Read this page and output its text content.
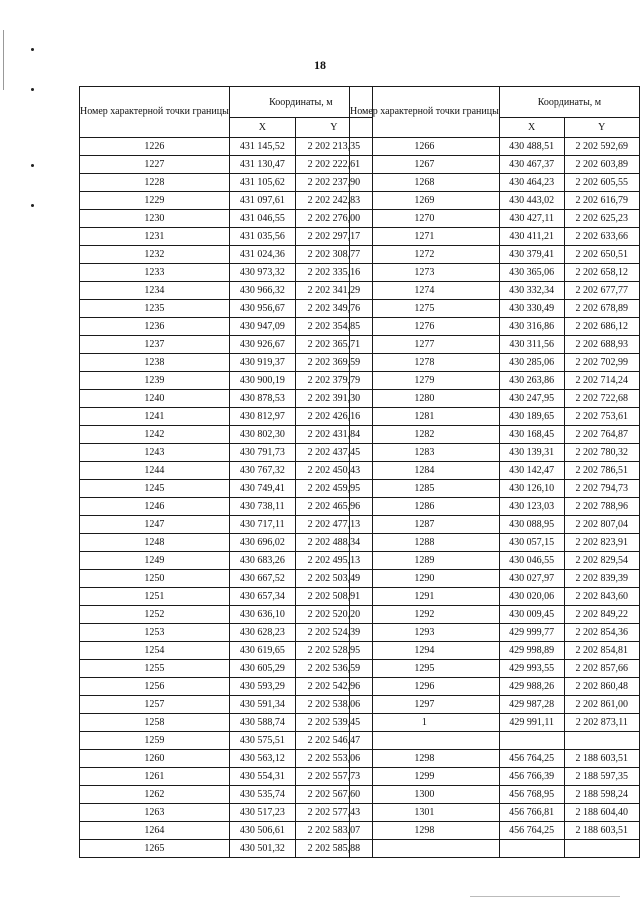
18
Номер характерной точки границы	Координаты, м	
	X	Y
1226	431 145,52	2 202 213,35
1227	431 130,47	2 202 222,61
1228	431 105,62	2 202 237,90
1229	431 097,61	2 202 242,83
1230	431 046,55	2 202 276,00
1231	431 035,56	2 202 297,17
1232	431 024,36	2 202 308,77
1233	430 973,32	2 202 335,16
1234	430 966,32	2 202 341,29
1235	430 956,67	2 202 349,76
1236	430 947,09	2 202 354,85
1237	430 926,67	2 202 365,71
1238	430 919,37	2 202 369,59
1239	430 900,19	2 202 379,79
1240	430 878,53	2 202 391,30
1241	430 812,97	2 202 426,16
1242	430 802,30	2 202 431,84
1243	430 791,73	2 202 437,45
1244	430 767,32	2 202 450,43
1245	430 749,41	2 202 459,95
1246	430 738,11	2 202 465,96
1247	430 717,11	2 202 477,13
1248	430 696,02	2 202 488,34
1249	430 683,26	2 202 495,13
1250	430 667,52	2 202 503,49
1251	430 657,34	2 202 508,91
1252	430 636,10	2 202 520,20
1253	430 628,23	2 202 524,39
1254	430 619,65	2 202 528,95
1255	430 605,29	2 202 536,59
1256	430 593,29	2 202 542,96
1257	430 591,34	2 202 538,06
1258	430 588,74	2 202 539,45
1259	430 575,51	2 202 546,47
1260	430 563,12	2 202 553,06
1261	430 554,31	2 202 557,73
1262	430 535,74	2 202 567,60
1263	430 517,23	2 202 577,43
1264	430 506,61	2 202 583,07
1265	430 501,32	2 202 585,88
Номер характерной точки границы	Координаты, м	
	X	Y
1266	430 488,51	2 202 592,69
1267	430 467,37	2 202 603,89
1268	430 464,23	2 202 605,55
1269	430 443,02	2 202 616,79
1270	430 427,11	2 202 625,23
1271	430 411,21	2 202 633,66
1272	430 379,41	2 202 650,51
1273	430 365,06	2 202 658,12
1274	430 332,34	2 202 677,77
1275	430 330,49	2 202 678,89
1276	430 316,86	2 202 686,12
1277	430 311,56	2 202 688,93
1278	430 285,06	2 202 702,99
1279	430 263,86	2 202 714,24
1280	430 247,95	2 202 722,68
1281	430 189,65	2 202 753,61
1282	430 168,45	2 202 764,87
1283	430 139,31	2 202 780,32
1284	430 142,47	2 202 786,51
1285	430 126,10	2 202 794,73
1286	430 123,03	2 202 788,96
1287	430 088,95	2 202 807,04
1288	430 057,15	2 202 823,91
1289	430 046,55	2 202 829,54
1290	430 027,97	2 202 839,39
1291	430 020,06	2 202 843,60
1292	430 009,45	2 202 849,22
1293	429 999,77	2 202 854,36
1294	429 998,89	2 202 854,81
1295	429 993,55	2 202 857,66
1296	429 988,26	2 202 860,48
1297	429 987,28	2 202 861,00
1	429 991,11	2 202 873,11

1298	456 764,25	2 188 603,51
1299	456 766,39	2 188 597,35
1300	456 768,95	2 188 598,24
1301	456 766,81	2 188 604,40
1298	456 764,25	2 188 603,51
